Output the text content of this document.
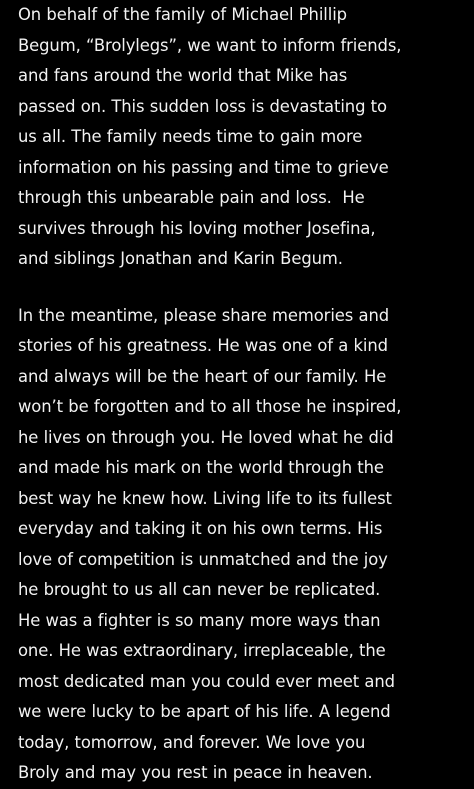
On behalf of the family of Michael Phillip
Begum, “Brolylegs”, we want to inform friends,
and fans around the world that Mike has
passed on. This sudden loss is devastating to
us all. The family needs time to gain more
information on his passing and time to grieve
through this unbearable pain and loss.  He
survives through his loving mother Josefina,
and siblings Jonathan and Karin Begum.
In the meantime, please share memories and
stories of his greatness. He was one of a kind
and always will be the heart of our family. He
won’t be forgotten and to all those he inspired,
he lives on through you. He loved what he did
and made his mark on the world through the
best way he knew how. Living life to its fullest
everyday and taking it on his own terms. His
love of competition is unmatched and the joy
he brought to us all can never be replicated.
He was a fighter is so many more ways than
one. He was extraordinary, irreplaceable, the
most dedicated man you could ever meet and
we were lucky to be apart of his life. A legend
today, tomorrow, and forever. We love you
Broly and may you rest in peace in heaven.
